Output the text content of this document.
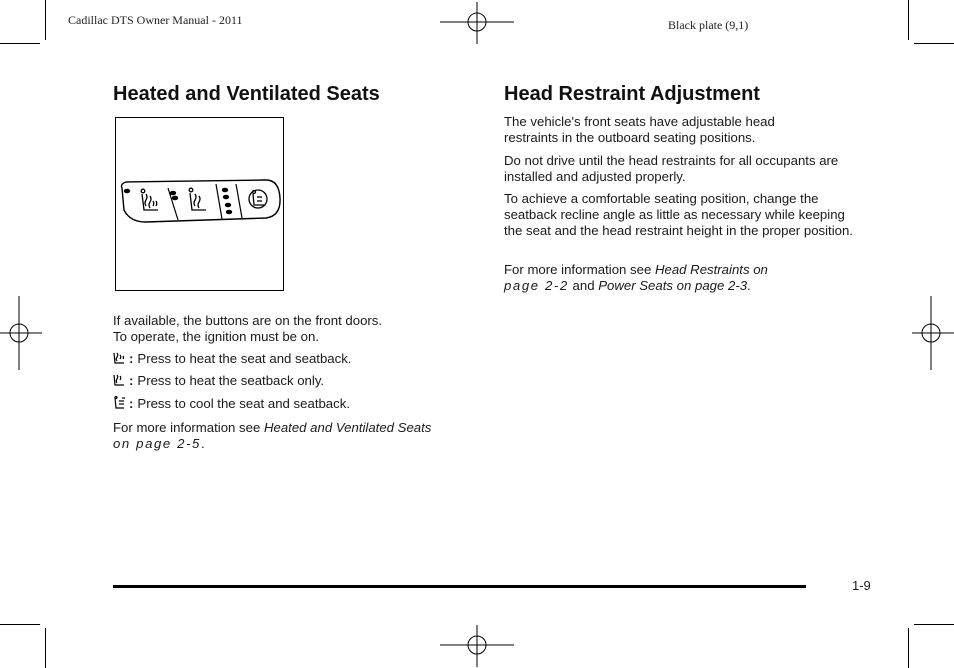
Cadillac DTS Owner Manual - 2011	Black plate (9,1)
Heated and Ventilated Seats

If available, the buttons are on the front doors.

To operate, the ignition must be on.

: Press to heat the seat and seatback.
: Press to heat the seatback only.
: Press to cool the seat and seatback.

For more information see Heated and Ventilated Seats
on page 2-5.

Head Restraint Adjustment

The vehicle's front seats have adjustable head restraints in the outboard seating positions.

Do not drive until the head restraints for all occupants are installed and adjusted properly.

To achieve a comfortable seating position, change the seatback recline angle as little as necessary while keeping the seat and the head restraint height in the proper position.

For more information see Head Restraints on
page 2-2 and Power Seats on page 2-3.

1-9
